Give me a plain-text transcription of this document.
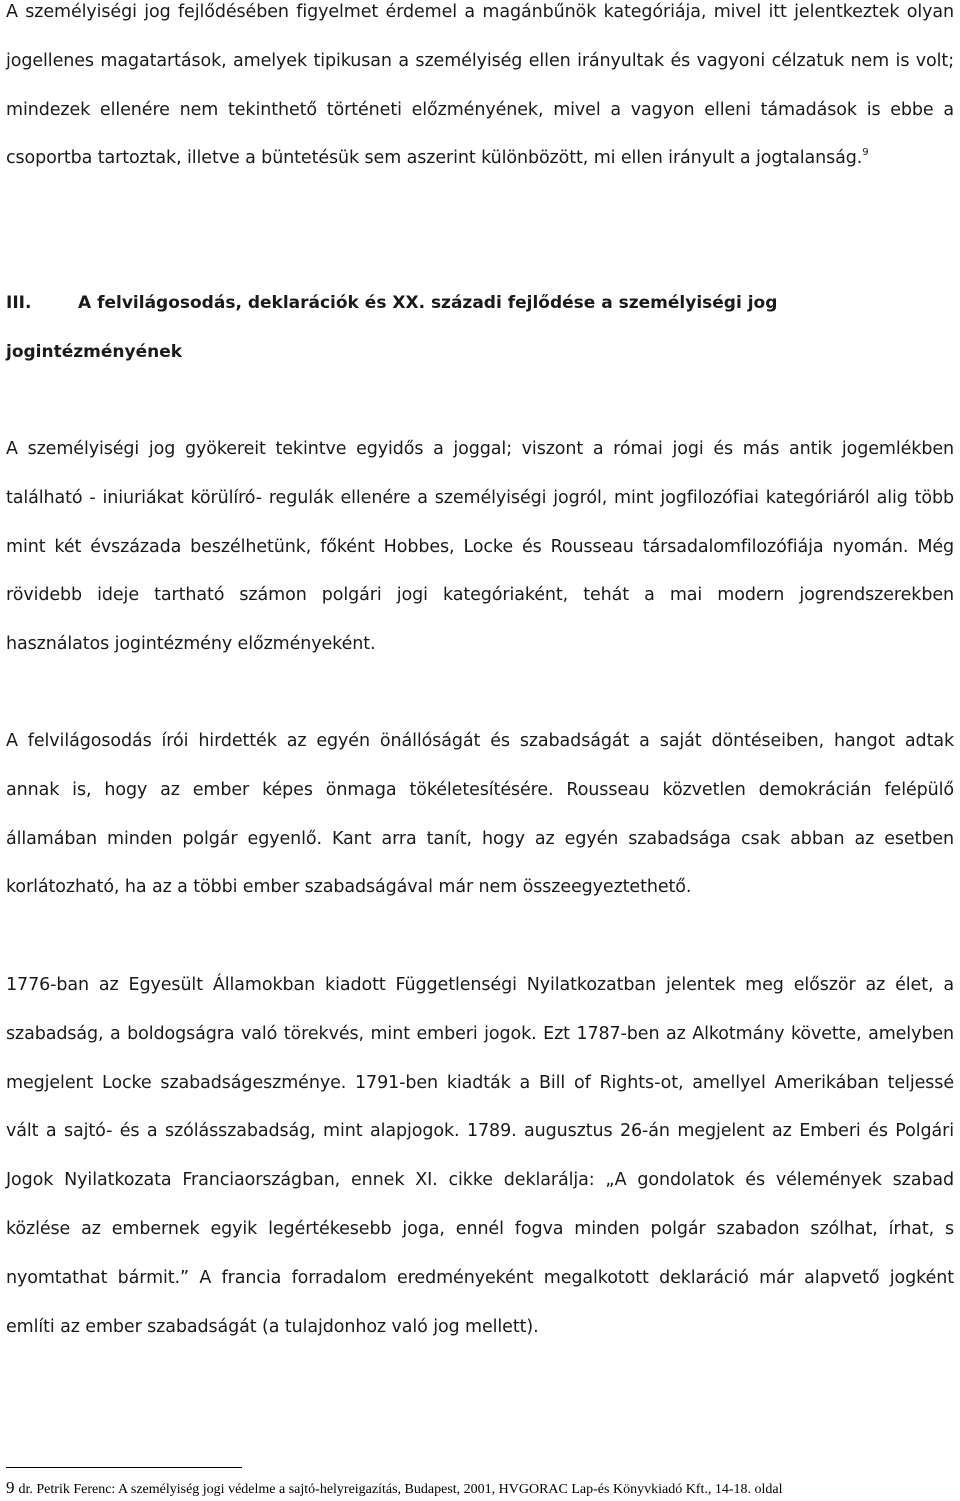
A személyiségi jog fejlődésében figyelmet érdemel a magánbűnök kategóriája, mivel itt jelentkeztek olyan jogellenes magatartások, amelyek tipikusan a személyiség ellen irányultak és vagyoni célzatuk nem is volt; mindezek ellenére nem tekinthető történeti előzményének, mivel a vagyon elleni támadások is ebbe a csoportba tartoztak, illetve a büntetésük sem aszerint különbözött, mi ellen irányult a jogtalanság.$^9$

III.	A felvilágosodás, deklarációk és XX. századi fejlődése a személyiségi jog
jogintézményének

A személyiségi jog gyökereit tekintve egyidős a joggal; viszont a római jogi és más antik jogemlékben található - iniuriákat körülíró- regulák ellenére a személyiségi jogról, mint jogfilozófiai kategóriáról alig több mint két évszázada beszélhetünk, főként Hobbes, Locke és Rousseau társadalomfilozófiája nyomán. Még rövidebb ideje tartható számon polgári jogi kategóriaként, tehát a mai modern jogrendszerekben használatos jogintézmény előzményeként.

A felvilágosodás írói hirdették az egyén önállóságát és szabadságát a saját döntéseiben, hangot adtak annak is, hogy az ember képes önmaga tökéletesítésére. Rousseau közvetlen demokrácián felépülő államában minden polgár egyenlő. Kant arra tanít, hogy az egyén szabadsága csak abban az esetben korlátozható, ha az a többi ember szabadságával már nem összeegyeztethető.

1776-ban az Egyesült Államokban kiadott Függetlenségi Nyilatkozatban jelentek meg először az élet, a szabadság, a boldogságra való törekvés, mint emberi jogok. Ezt 1787-ben az Alkotmány követte, amelyben megjelent Locke szabadságeszménye. 1791-ben kiadták a Bill of Rights-ot, amellyel Amerikában teljessé vált a sajtó- és a szólásszabadság, mint alapjogok. 1789. augusztus 26-án megjelent az Emberi és Polgári Jogok Nyilatkozata Franciaországban, ennek XI. cikke deklarálja: „A gondolatok és vélemények szabad közlése az embernek egyik legértékesebb joga, ennél fogva minden polgár szabadon szólhat, írhat, s nyomtathat bármit.” A francia forradalom eredményeként megalkotott deklaráció már alapvető jogként említi az ember szabadságát (a tulajdonhoz való jog mellett).

9 dr. Petrik Ferenc: A személyiség jogi védelme a sajtó-helyreigazítás, Budapest, 2001, HVGORAC Lap-és Könyvkiadó Kft., 14-18. oldal
